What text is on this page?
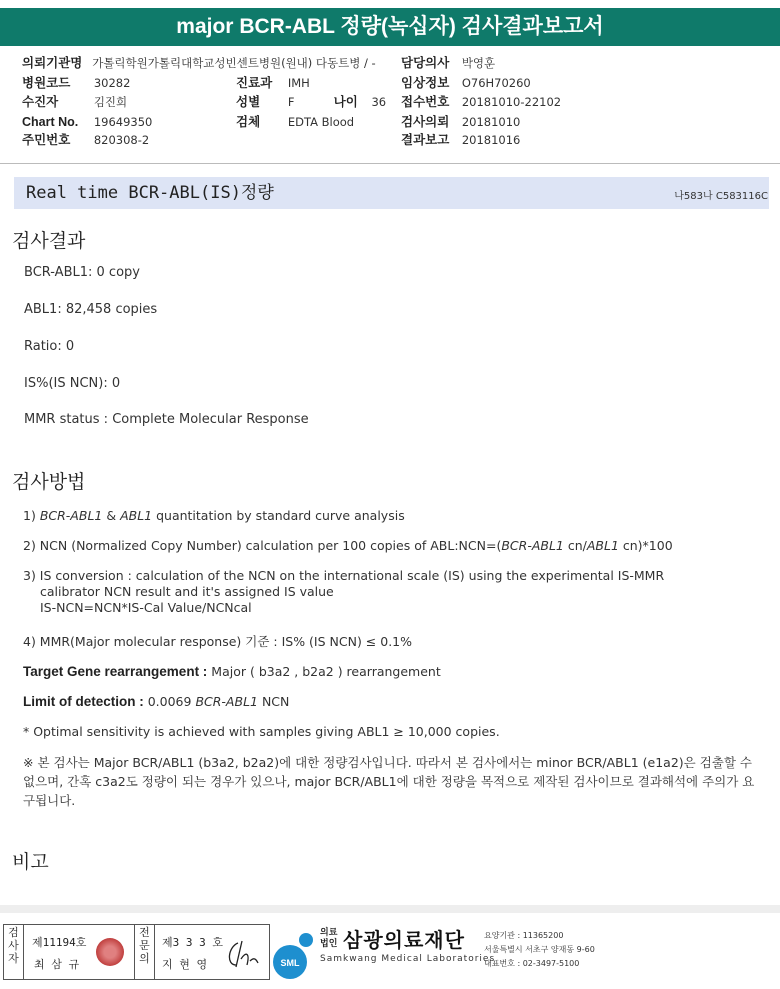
major BCR-ABL 정량(녹십자) 검사결과보고서
의뢰기관명 가톨릭학원가톨릭대학교성빈센트병원(원내) 다동트병 / -
병원코드 30282
수진자	김진희
Chart No. 19649350
주민번호 820308-2
진료과 IMH
성별 F	나이 36
검체 EDTA Blood
담당의사 박영훈
임상정보 O76H70260
접수번호 20181010-22102
검사의뢰 20181010
결과보고 20181016
Real time BCR-ABL(IS)정량	나583나 C583116C
검사결과
BCR-ABL1: 0 copy
ABL1: 82,458 copies
Ratio: 0
IS%(IS NCN): 0
MMR status : Complete Molecular Response
검사방법
1) BCR-ABL1 & ABL1 quantitation by standard curve analysis
2) NCN (Normalized Copy Number) calculation per 100 copies of ABL:NCN=(BCR-ABL1 cn/ABL1 cn)*100
3) IS conversion : calculation of the NCN on the international scale (IS) using the experimental IS-MMR
calibrator NCN result and it's assigned IS value
IS-NCN=NCN*IS-Cal Value/NCNcal
4) MMR(Major molecular response) 기준 : IS% (IS NCN) ≤ 0.1%
Target Gene rearrangement : Major ( b3a2 , b2a2 ) rearrangement
Limit of detection : 0.0069 BCR-ABL1 NCN
* Optimal sensitivity is achieved with samples giving ABL1 ≥ 10,000 copies.
※ 본 검사는 Major BCR/ABL1 (b3a2, b2a2)에 대한 정량검사입니다. 따라서 본 검사에서는 minor BCR/ABL1 (e1a2)은 검출할 수 없으며, 간혹 c3a2도 정량이 되는 경우가 있으나, major BCR/ABL1에 대한 정량을 목적으로 제작된 검사이므로 결과해석에 주의가 요구됩니다.
비고
검사자
제11194호
최 삼 규
전문의
제3 3 3 호
지 현 영	SML
의료법인 삼광의료재단
Samkwang Medical Laboratories
요양기관 : 11365200
서울특별시 서초구 양재동 9-60
대표번호 : 02-3497-5100
